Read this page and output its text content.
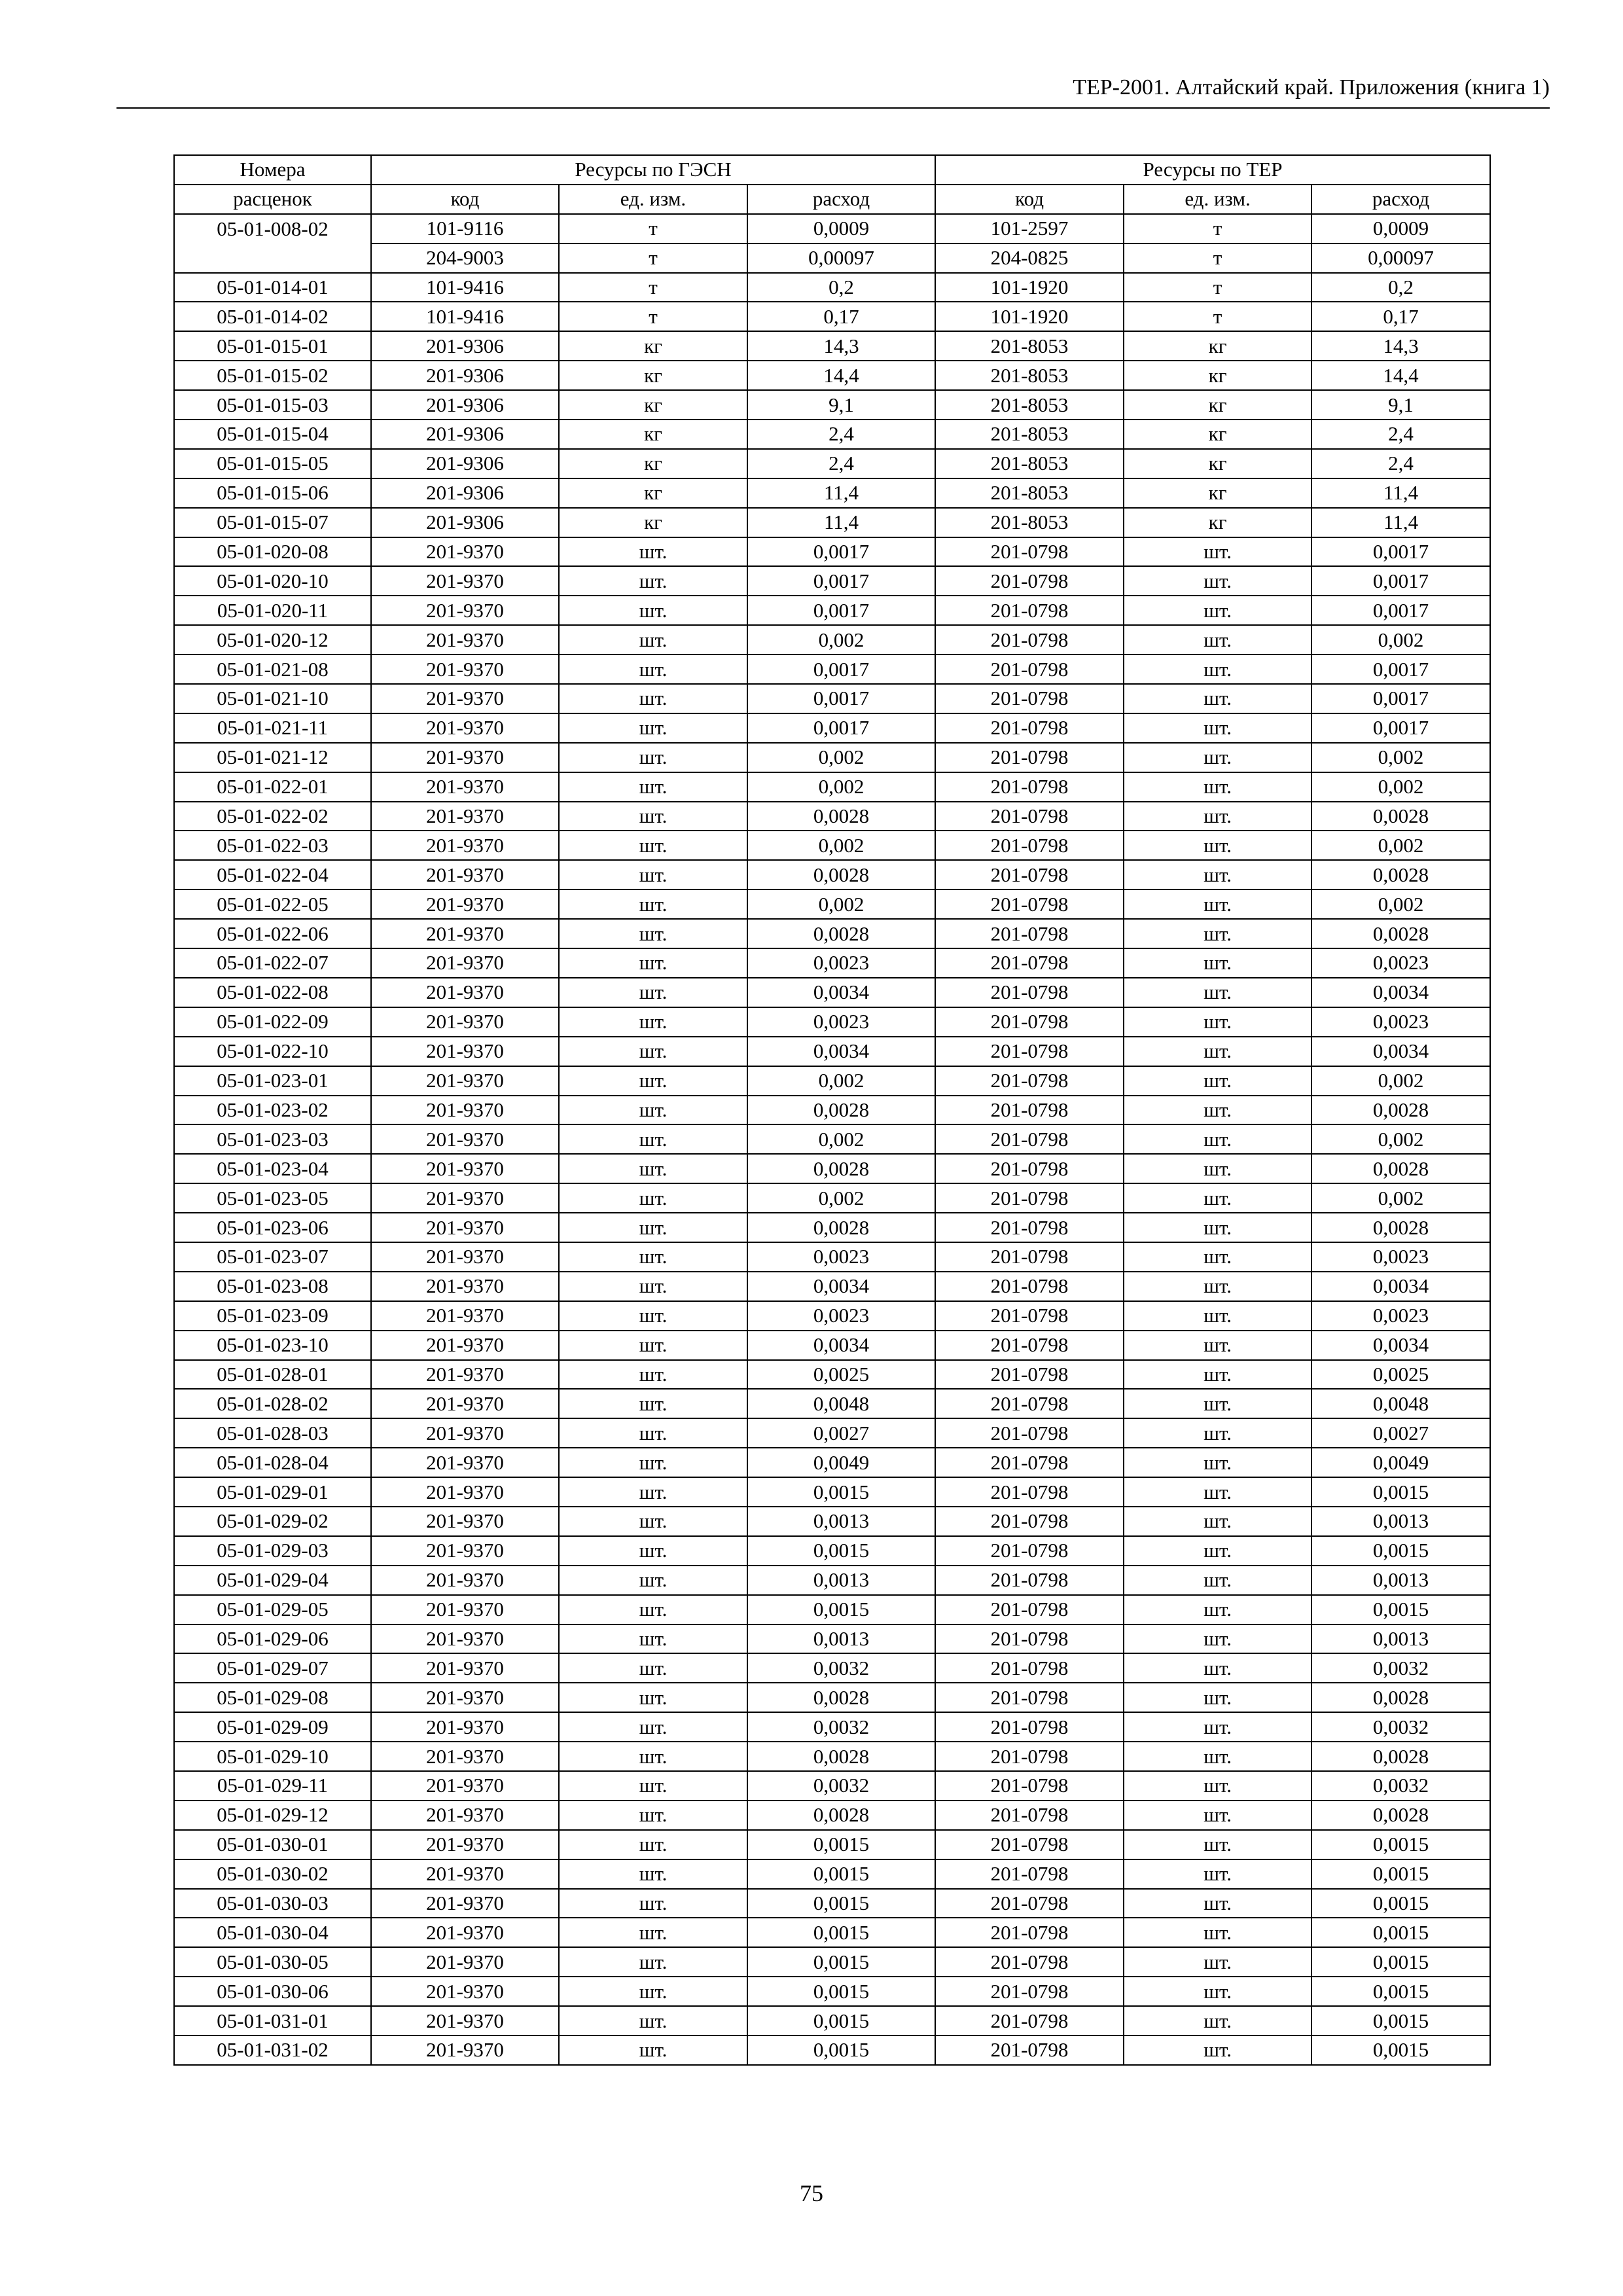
ТЕР-2001. Алтайский край. Приложения (книга 1)
Номера	Ресурсы по ГЭСН			Ресурсы по ТЕР		
расценок	код	ед. изм.	расход	код	ед. изм.	расход
05-01-008-02	101-9116	т	0,0009	101-2597	т	0,0009
	204-9003	т	0,00097	204-0825	т	0,00097
05-01-014-01	101-9416	т	0,2	101-1920	т	0,2
05-01-014-02	101-9416	т	0,17	101-1920	т	0,17
05-01-015-01	201-9306	кг	14,3	201-8053	кг	14,3
05-01-015-02	201-9306	кг	14,4	201-8053	кг	14,4
05-01-015-03	201-9306	кг	9,1	201-8053	кг	9,1
05-01-015-04	201-9306	кг	2,4	201-8053	кг	2,4
05-01-015-05	201-9306	кг	2,4	201-8053	кг	2,4
05-01-015-06	201-9306	кг	11,4	201-8053	кг	11,4
05-01-015-07	201-9306	кг	11,4	201-8053	кг	11,4
05-01-020-08	201-9370	шт.	0,0017	201-0798	шт.	0,0017
05-01-020-10	201-9370	шт.	0,0017	201-0798	шт.	0,0017
05-01-020-11	201-9370	шт.	0,0017	201-0798	шт.	0,0017
05-01-020-12	201-9370	шт.	0,002	201-0798	шт.	0,002
05-01-021-08	201-9370	шт.	0,0017	201-0798	шт.	0,0017
05-01-021-10	201-9370	шт.	0,0017	201-0798	шт.	0,0017
05-01-021-11	201-9370	шт.	0,0017	201-0798	шт.	0,0017
05-01-021-12	201-9370	шт.	0,002	201-0798	шт.	0,002
05-01-022-01	201-9370	шт.	0,002	201-0798	шт.	0,002
05-01-022-02	201-9370	шт.	0,0028	201-0798	шт.	0,0028
05-01-022-03	201-9370	шт.	0,002	201-0798	шт.	0,002
05-01-022-04	201-9370	шт.	0,0028	201-0798	шт.	0,0028
05-01-022-05	201-9370	шт.	0,002	201-0798	шт.	0,002
05-01-022-06	201-9370	шт.	0,0028	201-0798	шт.	0,0028
05-01-022-07	201-9370	шт.	0,0023	201-0798	шт.	0,0023
05-01-022-08	201-9370	шт.	0,0034	201-0798	шт.	0,0034
05-01-022-09	201-9370	шт.	0,0023	201-0798	шт.	0,0023
05-01-022-10	201-9370	шт.	0,0034	201-0798	шт.	0,0034
05-01-023-01	201-9370	шт.	0,002	201-0798	шт.	0,002
05-01-023-02	201-9370	шт.	0,0028	201-0798	шт.	0,0028
05-01-023-03	201-9370	шт.	0,002	201-0798	шт.	0,002
05-01-023-04	201-9370	шт.	0,0028	201-0798	шт.	0,0028
05-01-023-05	201-9370	шт.	0,002	201-0798	шт.	0,002
05-01-023-06	201-9370	шт.	0,0028	201-0798	шт.	0,0028
05-01-023-07	201-9370	шт.	0,0023	201-0798	шт.	0,0023
05-01-023-08	201-9370	шт.	0,0034	201-0798	шт.	0,0034
05-01-023-09	201-9370	шт.	0,0023	201-0798	шт.	0,0023
05-01-023-10	201-9370	шт.	0,0034	201-0798	шт.	0,0034
05-01-028-01	201-9370	шт.	0,0025	201-0798	шт.	0,0025
05-01-028-02	201-9370	шт.	0,0048	201-0798	шт.	0,0048
05-01-028-03	201-9370	шт.	0,0027	201-0798	шт.	0,0027
05-01-028-04	201-9370	шт.	0,0049	201-0798	шт.	0,0049
05-01-029-01	201-9370	шт.	0,0015	201-0798	шт.	0,0015
05-01-029-02	201-9370	шт.	0,0013	201-0798	шт.	0,0013
05-01-029-03	201-9370	шт.	0,0015	201-0798	шт.	0,0015
05-01-029-04	201-9370	шт.	0,0013	201-0798	шт.	0,0013
05-01-029-05	201-9370	шт.	0,0015	201-0798	шт.	0,0015
05-01-029-06	201-9370	шт.	0,0013	201-0798	шт.	0,0013
05-01-029-07	201-9370	шт.	0,0032	201-0798	шт.	0,0032
05-01-029-08	201-9370	шт.	0,0028	201-0798	шт.	0,0028
05-01-029-09	201-9370	шт.	0,0032	201-0798	шт.	0,0032
05-01-029-10	201-9370	шт.	0,0028	201-0798	шт.	0,0028
05-01-029-11	201-9370	шт.	0,0032	201-0798	шт.	0,0032
05-01-029-12	201-9370	шт.	0,0028	201-0798	шт.	0,0028
05-01-030-01	201-9370	шт.	0,0015	201-0798	шт.	0,0015
05-01-030-02	201-9370	шт.	0,0015	201-0798	шт.	0,0015
05-01-030-03	201-9370	шт.	0,0015	201-0798	шт.	0,0015
05-01-030-04	201-9370	шт.	0,0015	201-0798	шт.	0,0015
05-01-030-05	201-9370	шт.	0,0015	201-0798	шт.	0,0015
05-01-030-06	201-9370	шт.	0,0015	201-0798	шт.	0,0015
05-01-031-01	201-9370	шт.	0,0015	201-0798	шт.	0,0015
05-01-031-02	201-9370	шт.	0,0015	201-0798	шт.	0,0015
75
